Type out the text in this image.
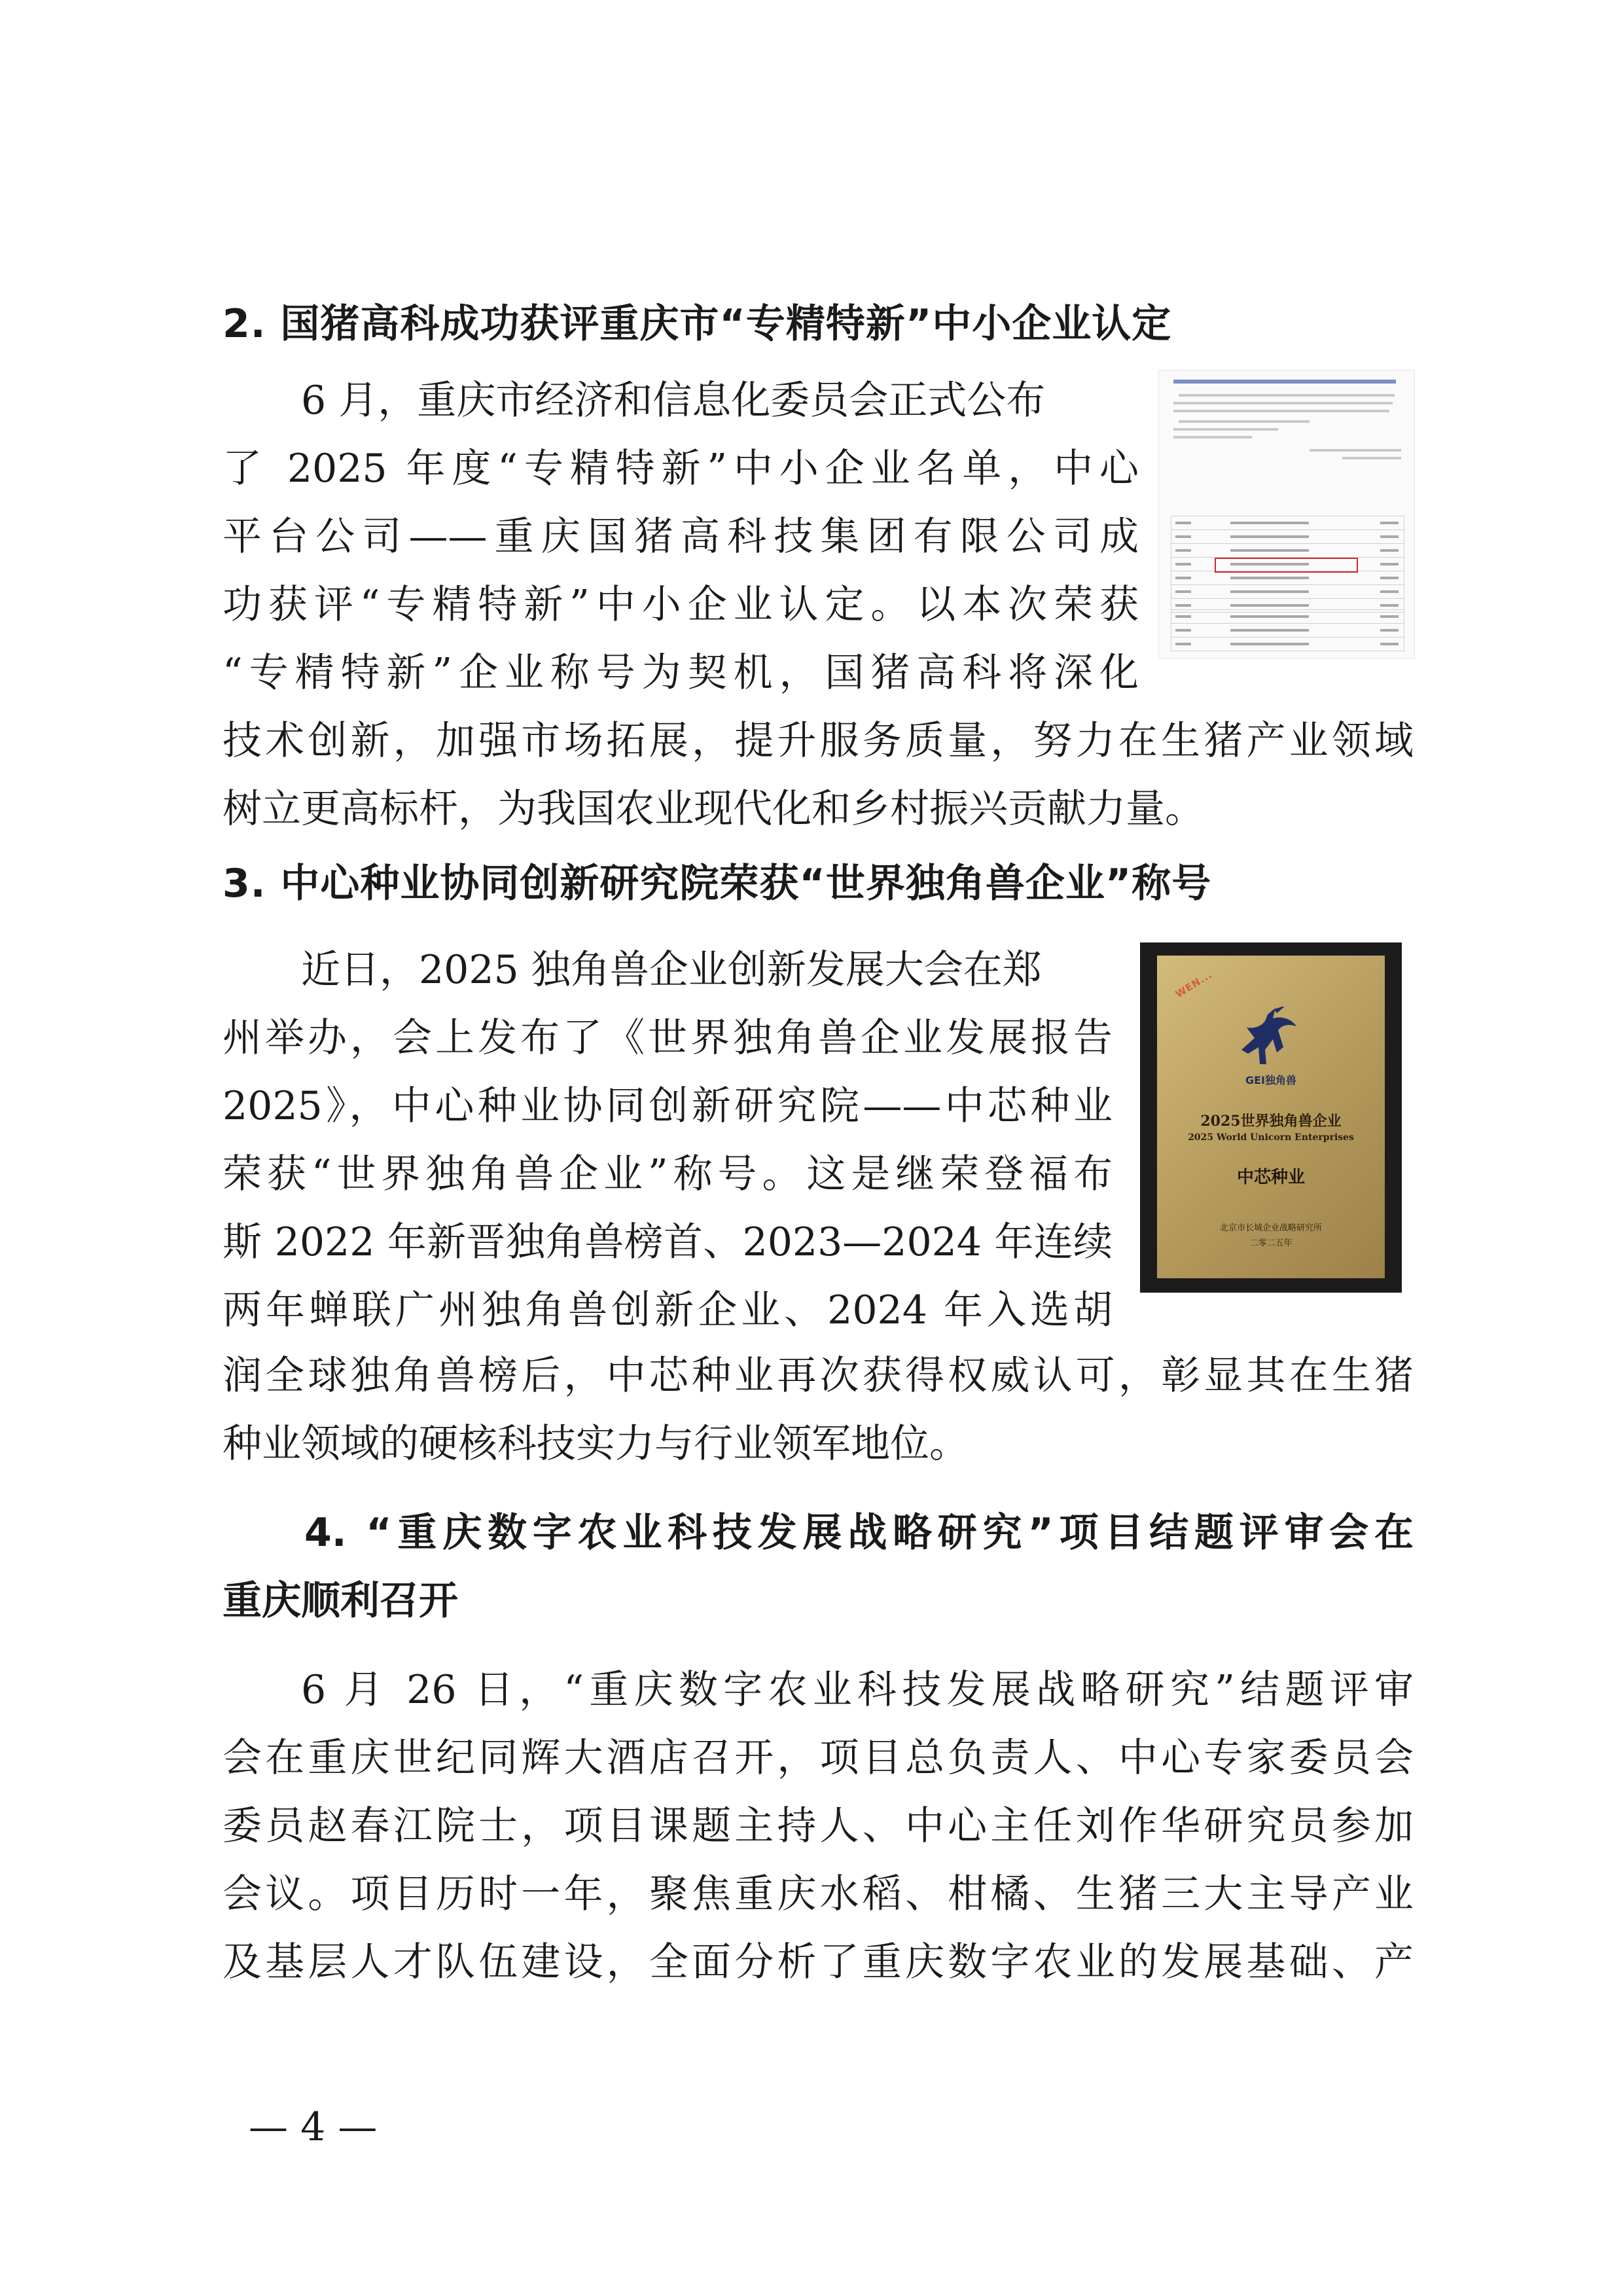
2. 国猪高科成功获评重庆市“专精特新”中小企业认定
6 月，重庆市经济和信息化委员会正式公布
了 2025 年度“专精特新”中小企业名单，中心
平台公司——重庆国猪高科技集团有限公司成
功获评“专精特新”中小企业认定。以本次荣获
“专精特新”企业称号为契机，国猪高科将深化
技术创新，加强市场拓展，提升服务质量，努力在生猪产业领域
树立更高标杆，为我国农业现代化和乡村振兴贡献力量。
3. 中心种业协同创新研究院荣获“世界独角兽企业”称号
近日，2025 独角兽企业创新发展大会在郑
州举办，会上发布了《世界独角兽企业发展报告
2025》，中心种业协同创新研究院——中芯种业
荣获“世界独角兽企业”称号。这是继荣登福布
斯 2022 年新晋独角兽榜首、2023—2024 年连续
两年蝉联广州独角兽创新企业、2024 年入选胡
润全球独角兽榜后，中芯种业再次获得权威认可，彰显其在生猪
种业领域的硬核科技实力与行业领军地位。
WEN...
GEI独角兽
2025世界独角兽企业
2025 World Unicorn Enterprises
中芯种业
北京市长城企业战略研究所
二零二五年
4. “重庆数字农业科技发展战略研究”项目结题评审会在
重庆顺利召开
6 月 26 日，“重庆数字农业科技发展战略研究”结题评审
会在重庆世纪同辉大酒店召开，项目总负责人、中心专家委员会
委员赵春江院士，项目课题主持人、中心主任刘作华研究员参加
会议。项目历时一年，聚焦重庆水稻、柑橘、生猪三大主导产业
及基层人才队伍建设，全面分析了重庆数字农业的发展基础、产
— 4 —
